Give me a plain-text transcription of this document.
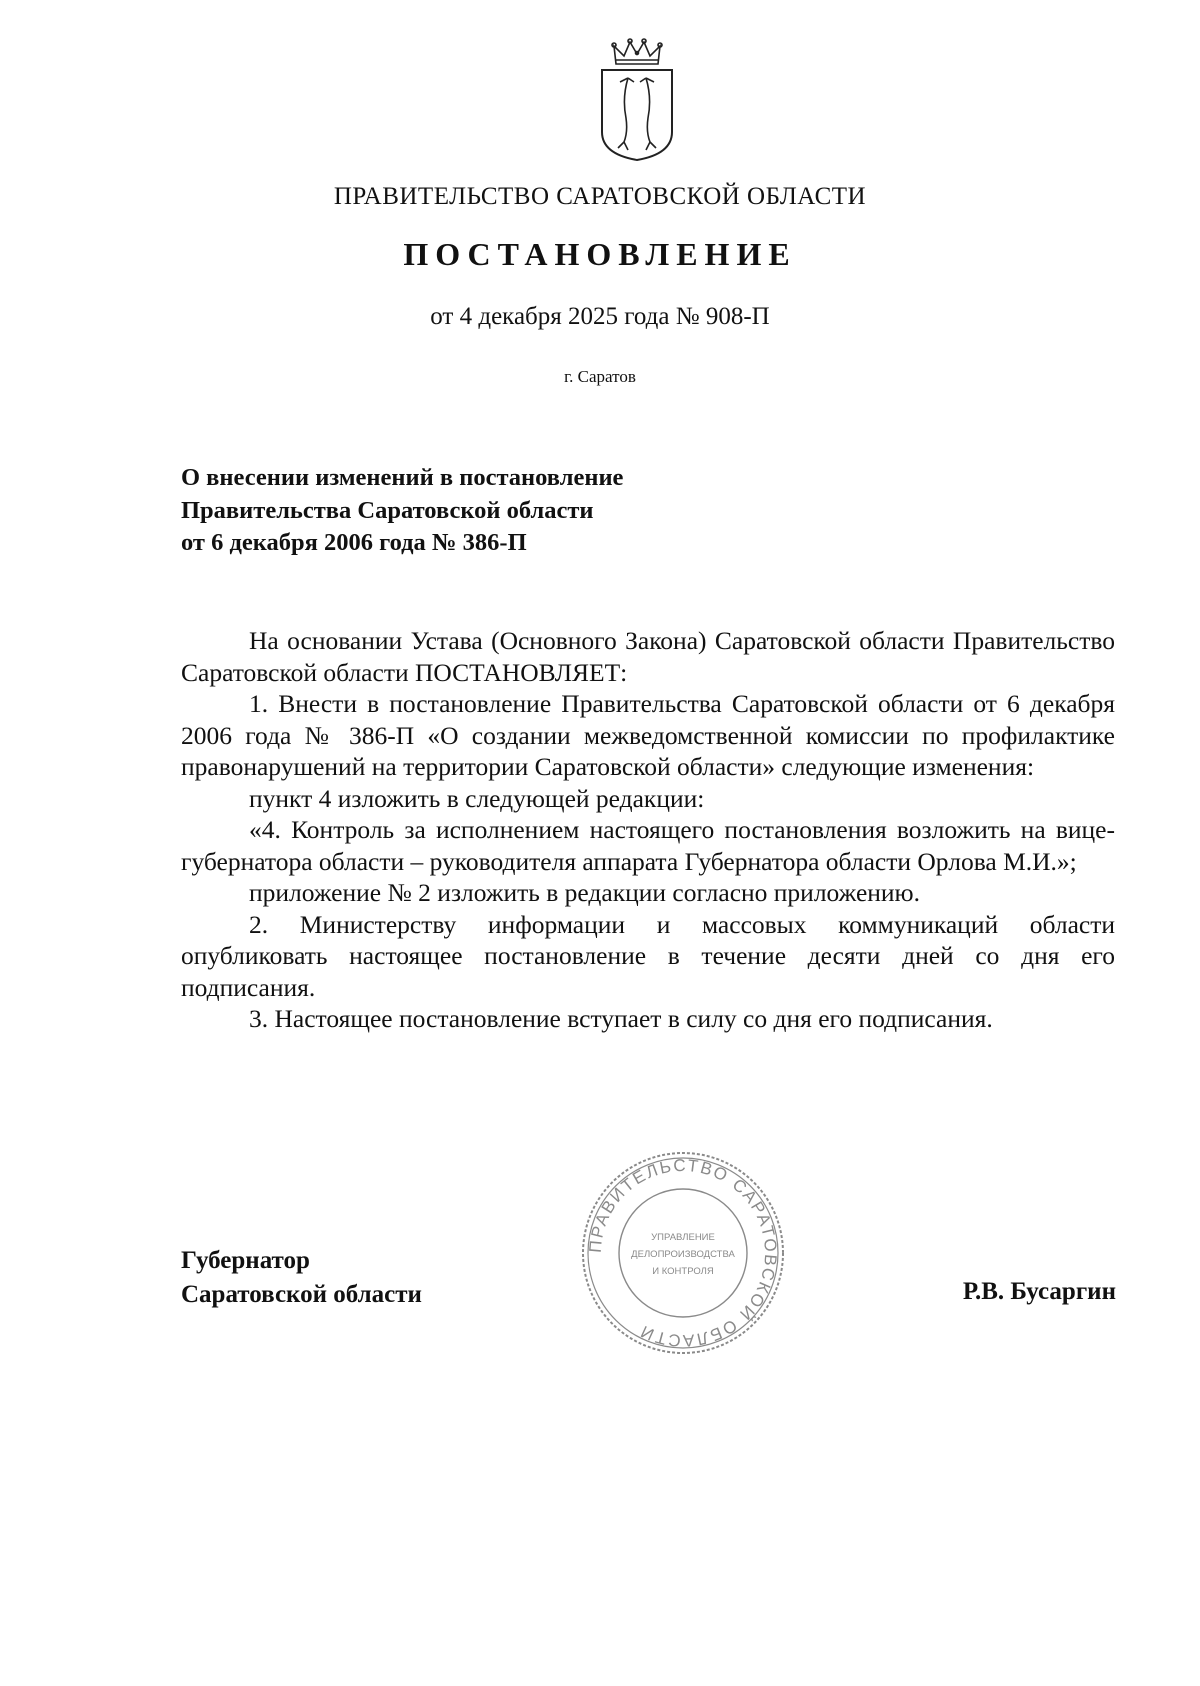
ПРАВИТЕЛЬСТВО САРАТОВСКОЙ ОБЛАСТИ
ПОСТАНОВЛЕНИЕ
от 4 декабря 2025 года № 908-П
г. Саратов
О внесении изменений в постановление
Правительства Саратовской области
от 6 декабря 2006 года № 386-П

На основании Устава (Основного Закона) Саратовской области Правительство Саратовской области ПОСТАНОВЛЯЕТ:

1. Внести в постановление Правительства Саратовской области от 6 декабря 2006 года № 386-П «О создании межведомственной комиссии по профилактике правонарушений на территории Саратовской области» следующие изменения:

пункт 4 изложить в следующей редакции:

«4. Контроль за исполнением настоящего постановления возложить на вице-губернатора области – руководителя аппарата Губернатора области Орлова М.И.»;

приложение № 2 изложить в редакции согласно приложению.

2. Министерству информации и массовых коммуникаций области опубликовать настоящее постановление в течение десяти дней со дня его подписания.

3. Настоящее постановление вступает в силу со дня его подписания.

ПРАВИТЕЛЬСТВО САРАТОВСКОЙ ОБЛАСТИ
УПРАВЛЕНИЕ
ДЕЛОПРОИЗВОДСТВА
И КОНТРОЛЯ
Губернатор
Саратовской области	Р.В. Бусаргин
